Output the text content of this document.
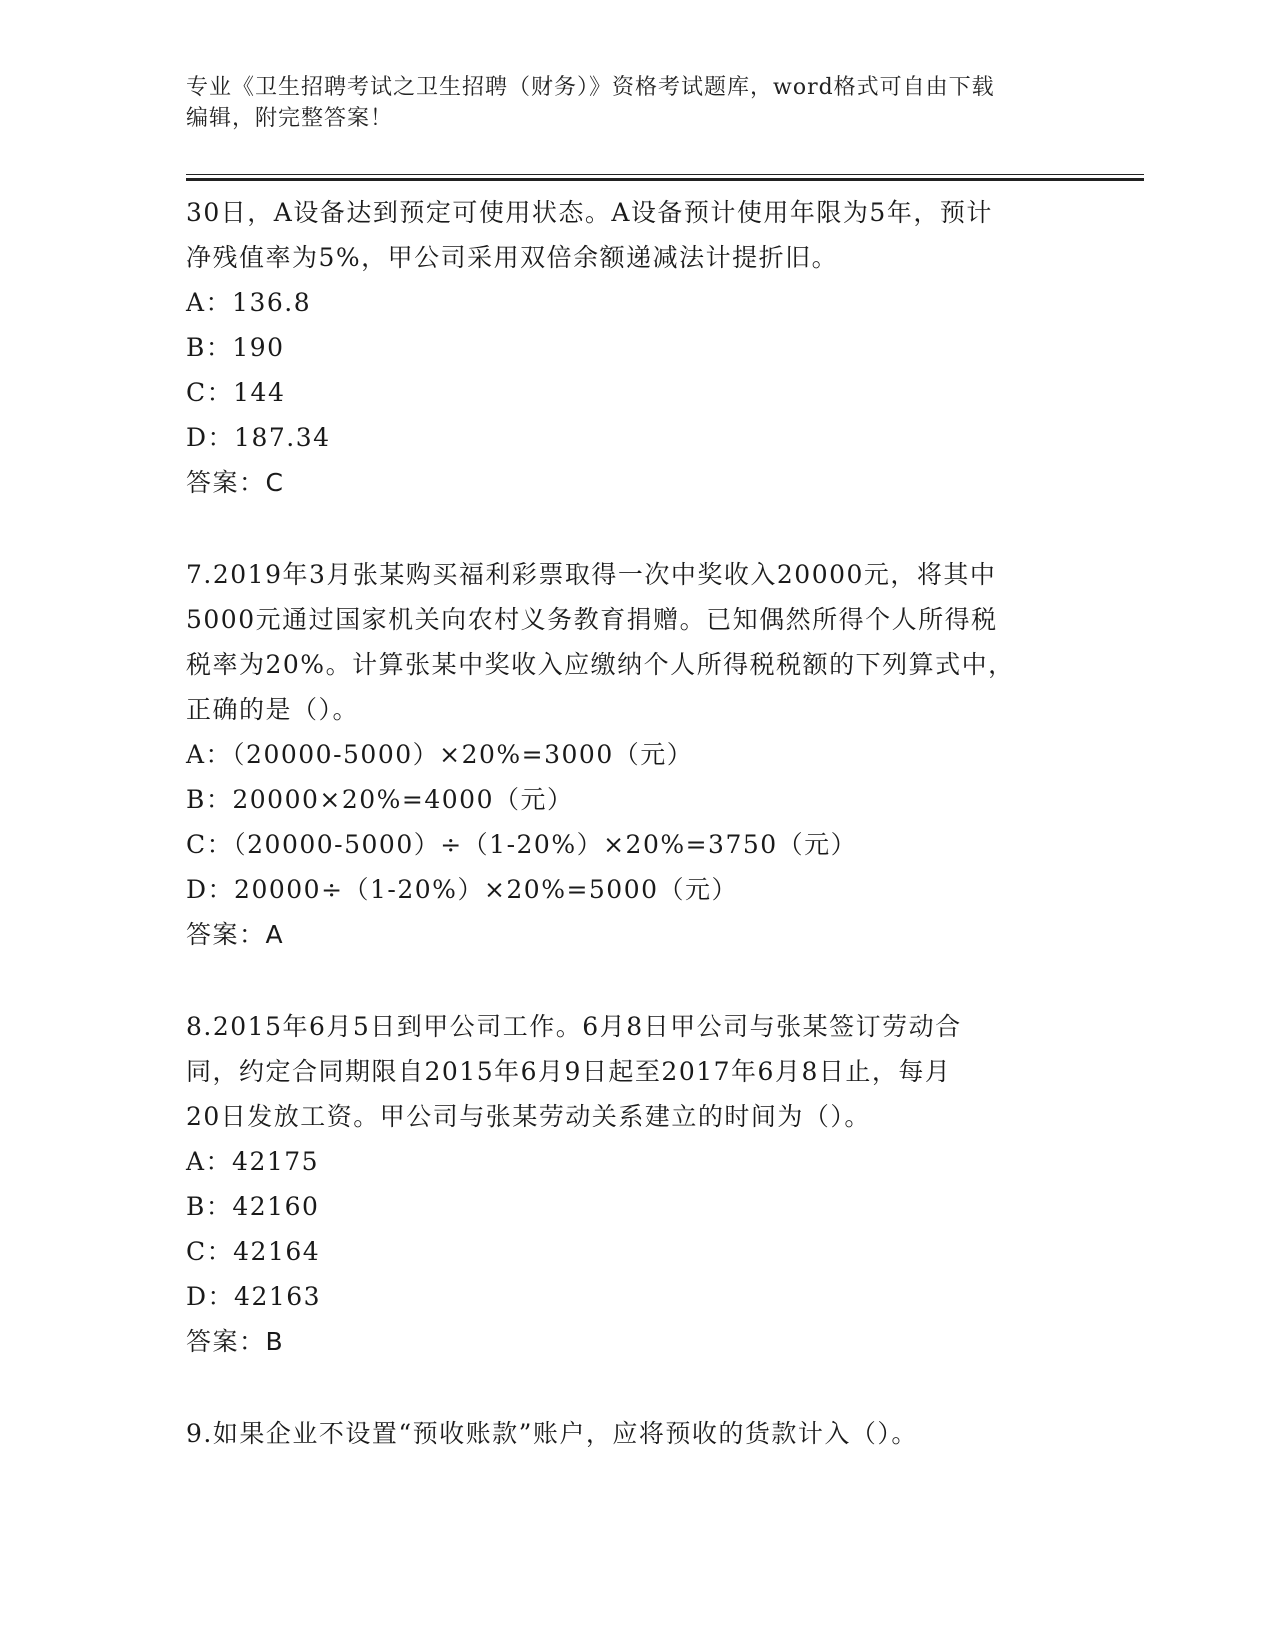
专业《卫生招聘考试之卫生招聘（财务）》资格考试题库，word格式可自由下载
编辑，附完整答案！

30日，A设备达到预定可使用状态。A设备预计使用年限为5年，预计

净残值率为5%，甲公司采用双倍余额递减法计提折旧。

A：136.8

B：190

C：144

D：187.34

答案：C

7.2019年3月张某购买福利彩票取得一次中奖收入20000元，将其中

5000元通过国家机关向农村义务教育捐赠。已知偶然所得个人所得税

税率为20%。计算张某中奖收入应缴纳个人所得税税额的下列算式中，

正确的是（）。

A：（20000-5000）×20%=3000（元）

B：20000×20%=4000（元）

C：（20000-5000）÷（1-20%）×20%=3750（元）

D：20000÷（1-20%）×20%=5000（元）

答案：A

8.2015年6月5日到甲公司工作。6月8日甲公司与张某签订劳动合

同，约定合同期限自2015年6月9日起至2017年6月8日止，每月

20日发放工资。甲公司与张某劳动关系建立的时间为（）。

A：42175

B：42160

C：42164

D：42163

答案：B

9.如果企业不设置“预收账款”账户，应将预收的货款计入（）。
